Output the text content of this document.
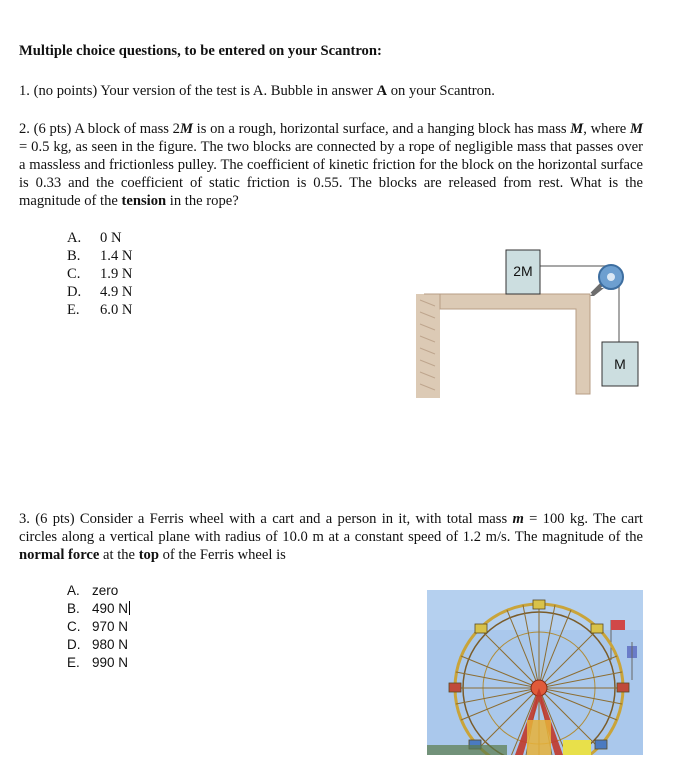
Multiple choice questions, to be entered on your Scantron:
1. (no points) Your version of the test is A. Bubble in answer A on your Scantron.
2. (6 pts) A block of mass 2M is on a rough, horizontal surface, and a hanging block has mass M, where M = 0.5 kg, as seen in the figure. The two blocks are connected by a rope of negligible mass that passes over a massless and frictionless pulley. The coefficient of kinetic friction for the block on the horizontal surface is 0.33 and the coefficient of static friction is 0.55. The blocks are released from rest. What is the magnitude of the tension in the rope?
A. 0 N
B. 1.4 N
C. 1.9 N
D. 4.9 N
E. 6.0 N
2M
M
3. (6 pts) Consider a Ferris wheel with a cart and a person in it, with total mass m = 100 kg. The cart circles along a vertical plane with radius of 10.0 m at a constant speed of 1.2 m/s. The magnitude of the normal force at the top of the Ferris wheel is
A. zero
B. 490 N
C. 970 N
D. 980 N
E. 990 N
